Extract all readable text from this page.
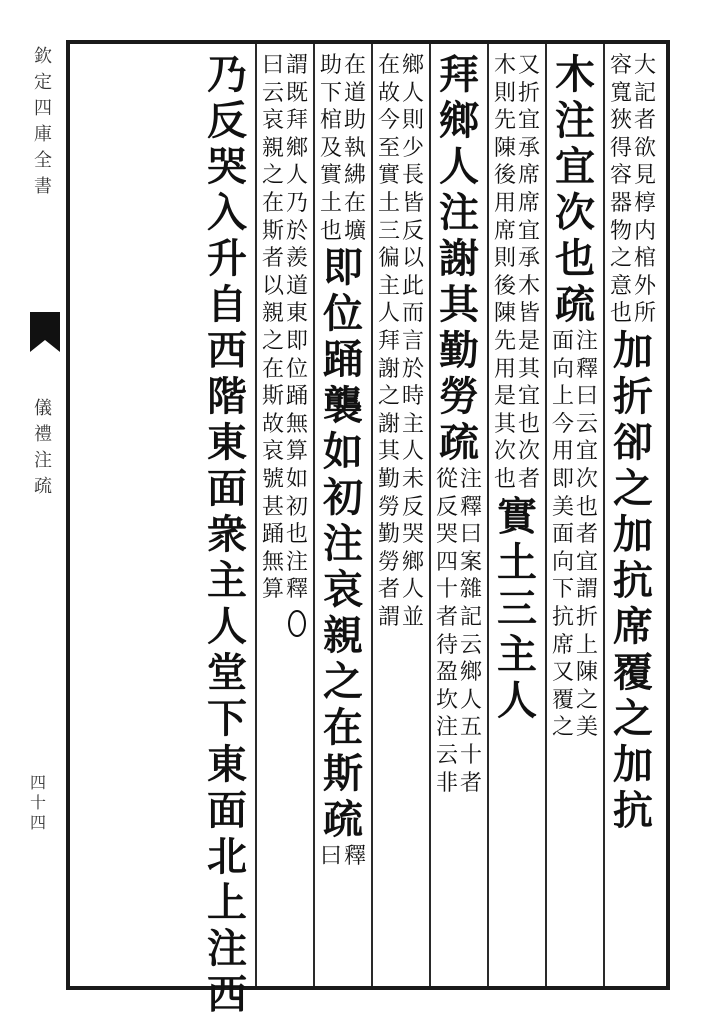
欽
定
四
庫
全
書
儀
禮
注
疏
四
十
四
容
寬
狹
得
容
器
物
之
意
也
大
記
者
欲
見
椁
内
棺
外
所
加
折
卻
之
加
抗
席
覆
之
加
抗
木
注
宜
次
也
疏
面
向
上
今
用
即
美
面
向
下
抗
席
又
覆
之
注
釋
曰
云
宜
次
也
者
宜
謂
折
上
陳
之
美
木
則
先
陳
後
用
席
則
後
陳
先
用
是
其
次
也
又
折
宜
承
席
席
宜
承
木
皆
是
其
宜
也
次
者
實
土
三
主
人
拜
鄉
人
注
謝
其
勤
勞
疏
從
反
哭
四
十
者
待
盈
坎
注
云
非
注
釋
曰
案
雜
記
云
鄉
人
五
十
者
在
故
今
至
實
土
三
徧
主
人
拜
謝
之
謝
其
勤
勞
勤
勞
者
謂
鄉
人
則
少
長
皆
反
以
此
而
言
於
時
主
人
未
反
哭
鄉
人
並
助
下
棺
及
實
土
也
在
道
助
執
紼
在
壙
即
位
踊
襲
如
初
注
哀
親
之
在
斯
疏
曰 釋
曰
云
哀
親
之
在
斯
者
以
親
之
在
斯
故
哀
號
甚
踊
無
算
謂
既
拜
鄉
人
乃
於
羨
道
東
即
位
踊
無
算
如
初
也
注
釋
乃
反
哭
入
升
自
西
階
東
面
衆
主
人
堂
下
東
面
北
上
注
西
